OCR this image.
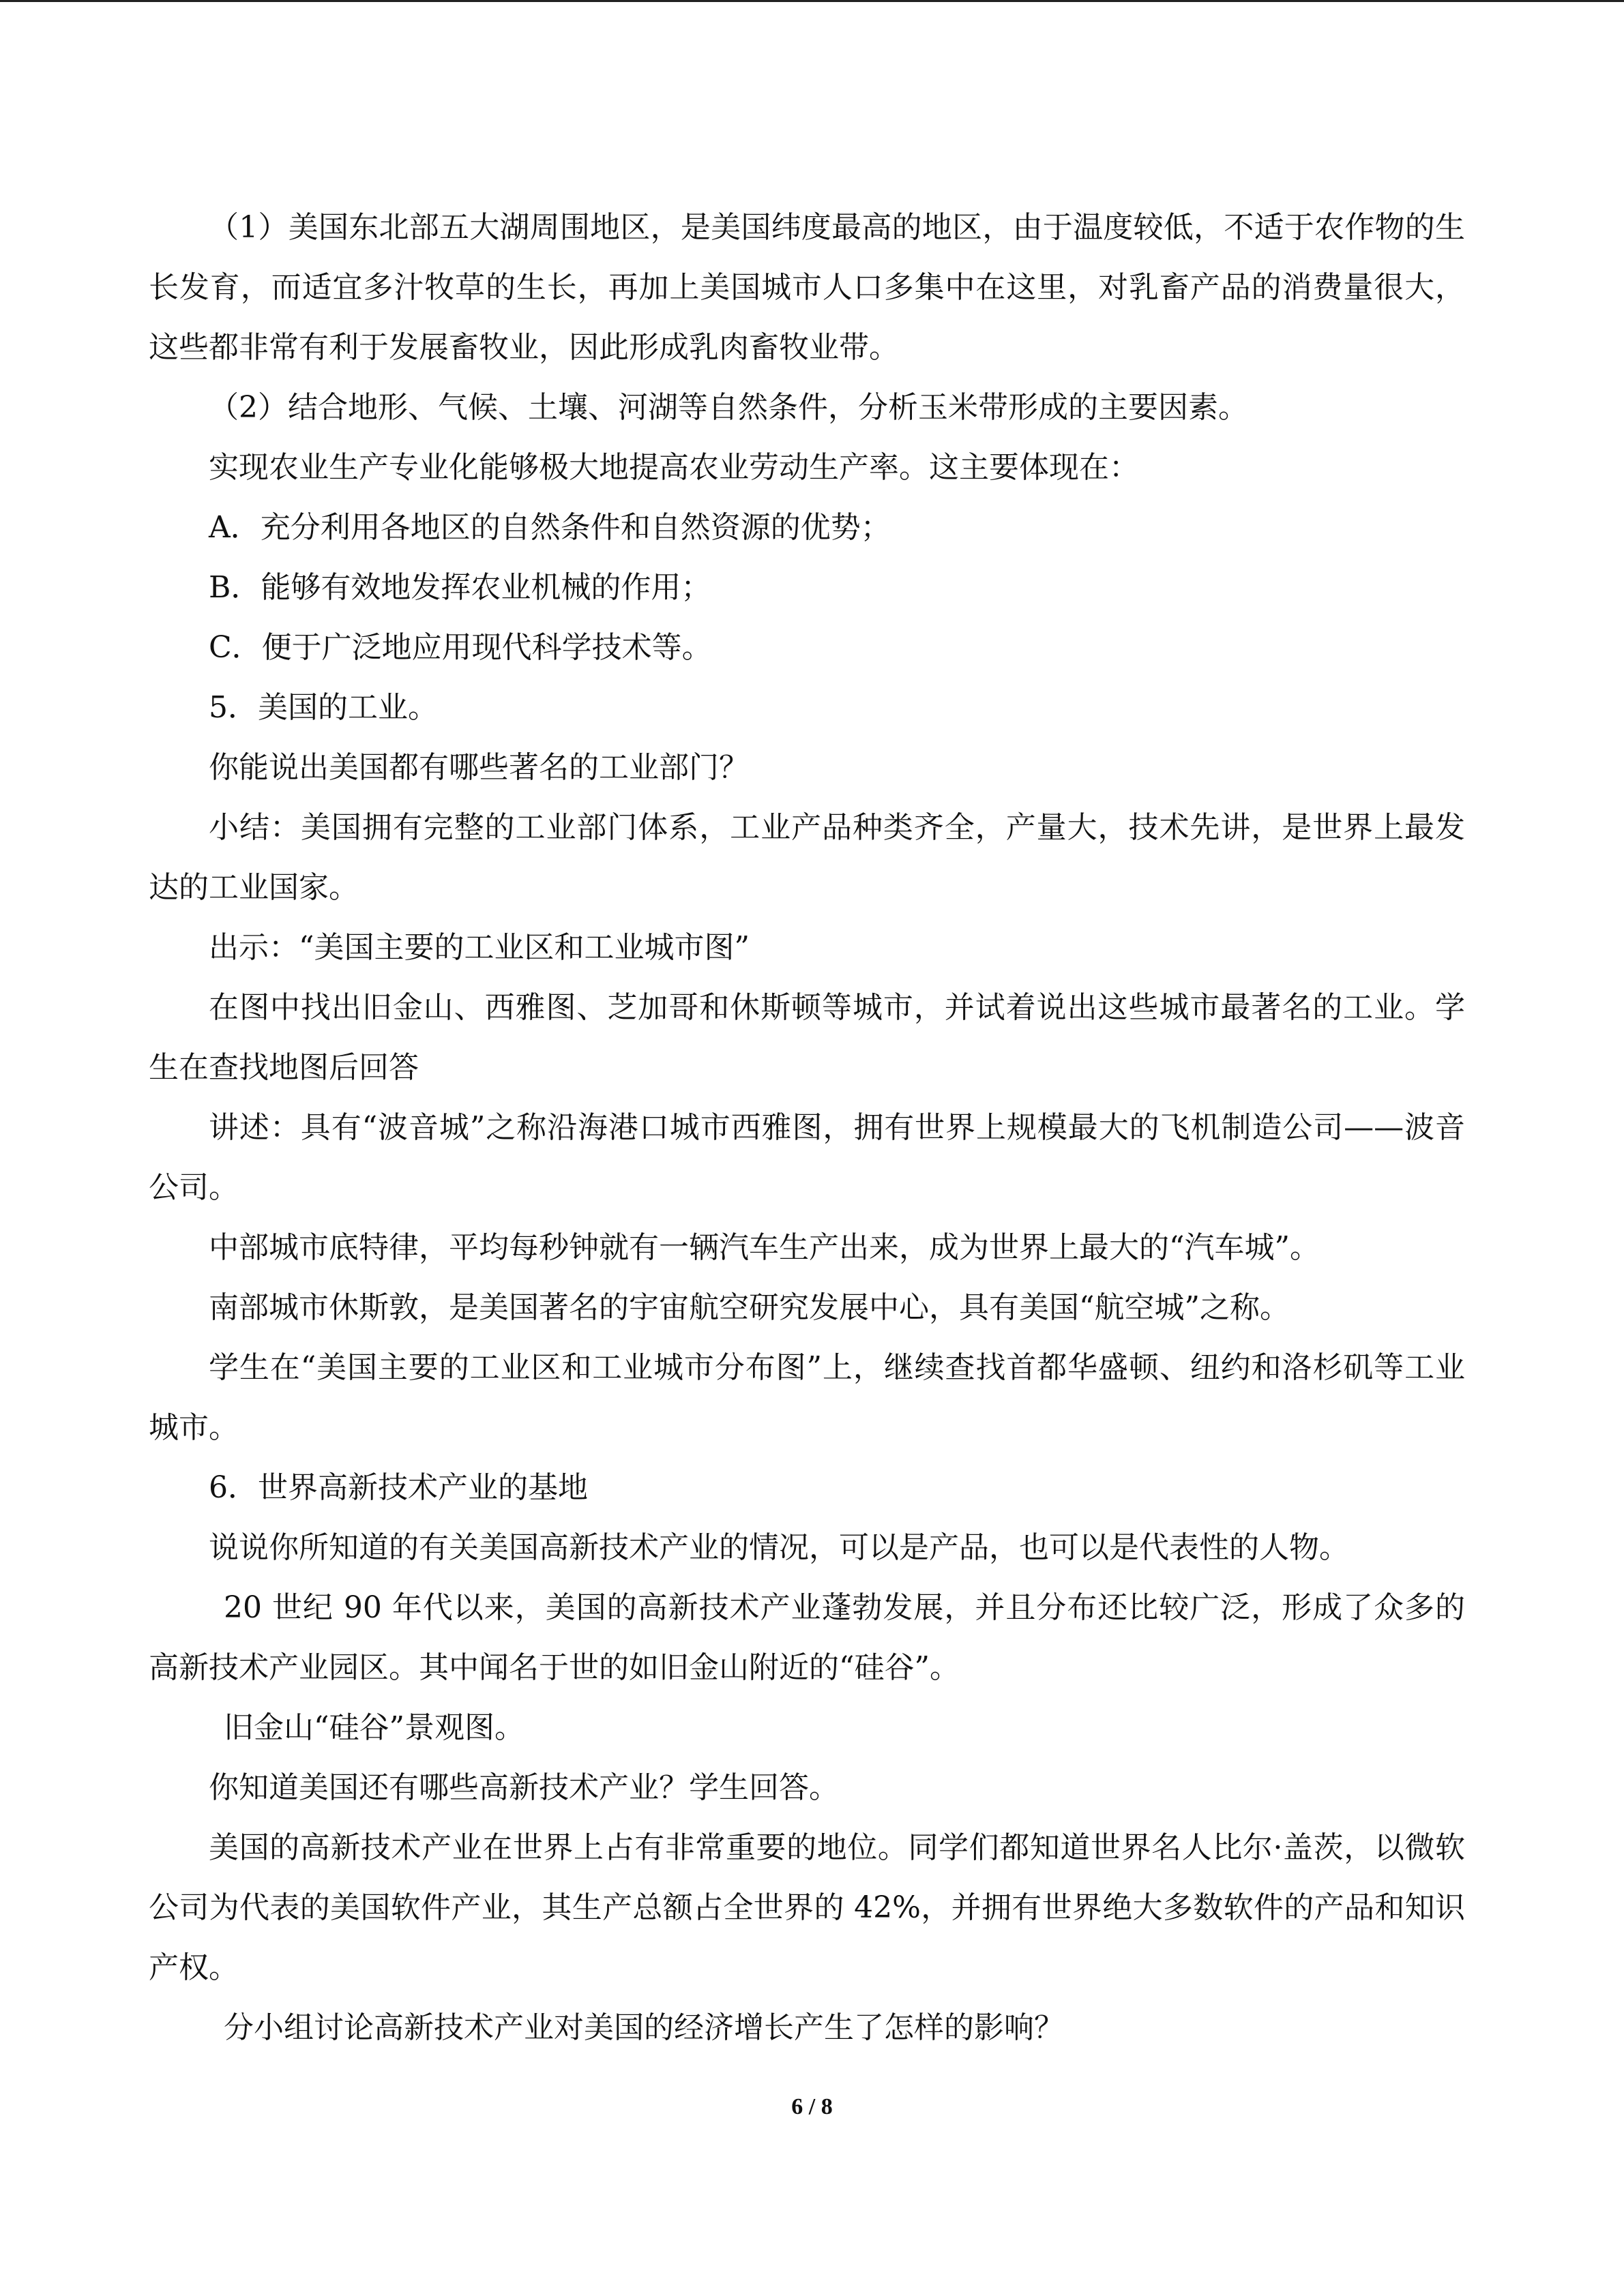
（1）美国东北部五大湖周围地区，是美国纬度最高的地区，由于温度较低，不适于农作物的生长发育，而适宜多汁牧草的生长，再加上美国城市人口多集中在这里，对乳畜产品的消费量很大，这些都非常有利于发展畜牧业，因此形成乳肉畜牧业带。

（2）结合地形、气候、土壤、河湖等自然条件，分析玉米带形成的主要因素。

实现农业生产专业化能够极大地提高农业劳动生产率。这主要体现在：

A．充分利用各地区的自然条件和自然资源的优势；

B．能够有效地发挥农业机械的作用；

C．便于广泛地应用现代科学技术等。

5．美国的工业。

你能说出美国都有哪些著名的工业部门？

小结：美国拥有完整的工业部门体系，工业产品种类齐全，产量大，技术先讲，是世界上最发达的工业国家。

出示：“美国主要的工业区和工业城市图”

在图中找出旧金山、西雅图、芝加哥和休斯顿等城市，并试着说出这些城市最著名的工业。学生在查找地图后回答

讲述：具有“波音城”之称沿海港口城市西雅图，拥有世界上规模最大的飞机制造公司——波音公司。

中部城市底特律，平均每秒钟就有一辆汽车生产出来，成为世界上最大的“汽车城”。

南部城市休斯敦，是美国著名的宇宙航空研究发展中心，具有美国“航空城”之称。

学生在“美国主要的工业区和工业城市分布图”上，继续查找首都华盛顿、纽约和洛杉矶等工业城市。

6．世界高新技术产业的基地

说说你所知道的有关美国高新技术产业的情况，可以是产品，也可以是代表性的人物。

20 世纪 90 年代以来，美国的高新技术产业蓬勃发展，并且分布还比较广泛，形成了众多的高新技术产业园区。其中闻名于世的如旧金山附近的“硅谷”。

旧金山“硅谷”景观图。

你知道美国还有哪些高新技术产业？学生回答。

美国的高新技术产业在世界上占有非常重要的地位。同学们都知道世界名人比尔·盖茨，以微软公司为代表的美国软件产业，其生产总额占全世界的 42%，并拥有世界绝大多数软件的产品和知识产权。

分小组讨论高新技术产业对美国的经济增长产生了怎样的影响？

6 / 8
